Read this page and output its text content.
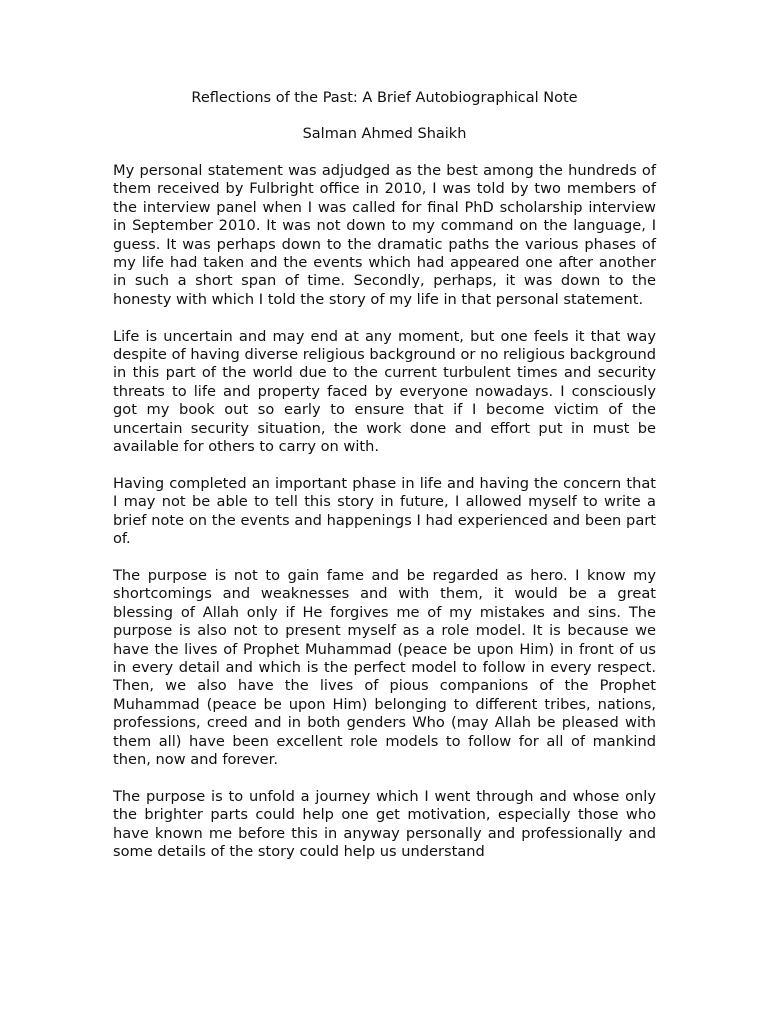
Reflections of the Past: A Brief Autobiographical Note
Salman Ahmed Shaikh

My personal statement was adjudged as the best among the hundreds of them received by Fulbright office in 2010, I was told by two members of the interview panel when I was called for final PhD scholarship interview in September 2010. It was not down to my command on the language, I guess. It was perhaps down to the dramatic paths the various phases of my life had taken and the events which had appeared one after another in such a short span of time. Secondly, perhaps, it was down to the honesty with which I told the story of my life in that personal statement.

Life is uncertain and may end at any moment, but one feels it that way despite of having diverse religious background or no religious background in this part of the world due to the current turbulent times and security threats to life and property faced by everyone nowadays. I consciously got my book out so early to ensure that if I become victim of the uncertain security situation, the work done and effort put in must be available for others to carry on with.

Having completed an important phase in life and having the concern that I may not be able to tell this story in future, I allowed myself to write a brief note on the events and happenings I had experienced and been part of.

The purpose is not to gain fame and be regarded as hero. I know my shortcomings and weaknesses and with them, it would be a great blessing of Allah only if He forgives me of my mistakes and sins. The purpose is also not to present myself as a role model. It is because we have the lives of Prophet Muhammad (peace be upon Him) in front of us in every detail and which is the perfect model to follow in every respect. Then, we also have the lives of pious companions of the Prophet Muhammad (peace be upon Him) belonging to different tribes, nations, professions, creed and in both genders Who (may Allah be pleased with them all) have been excellent role models to follow for all of mankind then, now and forever.

The purpose is to unfold a journey which I went through and whose only the brighter parts could help one get motivation, especially those who have known me before this in anyway personally and professionally and some details of the story could help us understand
